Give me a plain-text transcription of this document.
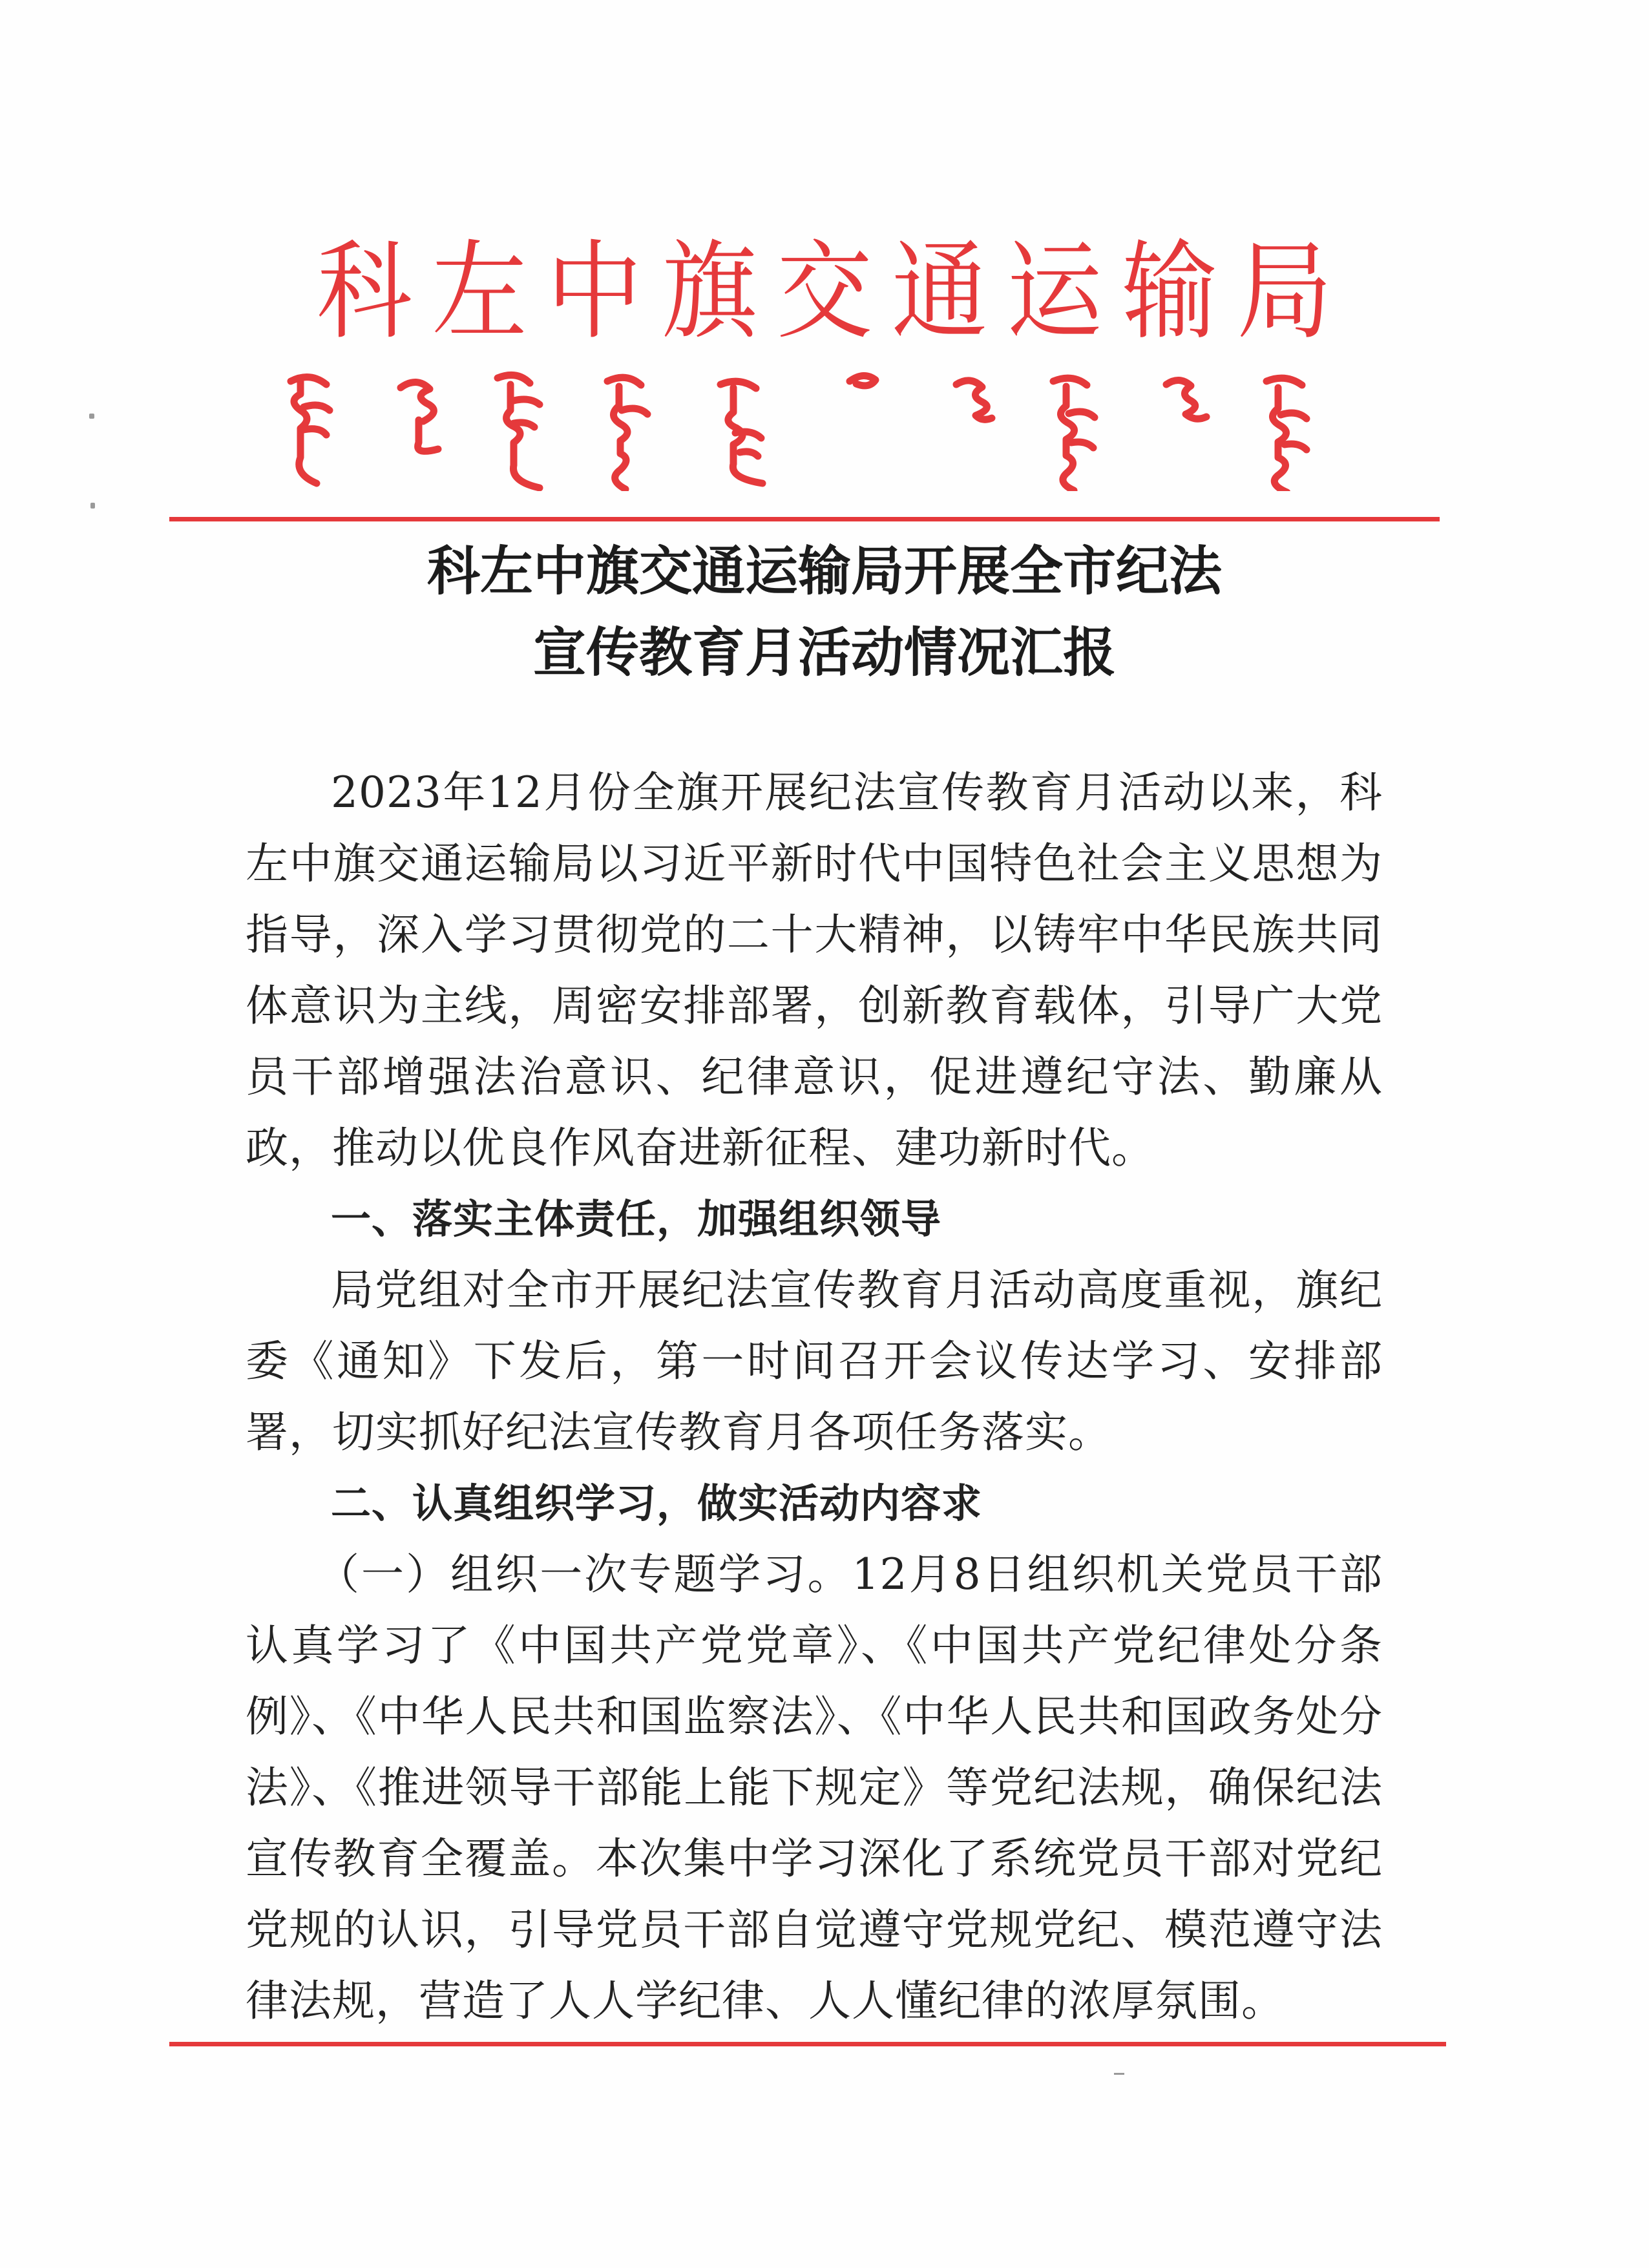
科左中旗交通运输局
科左中旗交通运输局开展全市纪法
宣传教育月活动情况汇报

2023年12月份全旗开展纪法宣传教育月活动以来，科左中旗交通运输局以习近平新时代中国特色社会主义思想为指导，深入学习贯彻党的二十大精神，以铸牢中华民族共同体意识为主线，周密安排部署，创新教育载体，引导广大党员干部增强法治意识、纪律意识，促进遵纪守法、勤廉从政，推动以优良作风奋进新征程、建功新时代。

一、落实主体责任，加强组织领导

局党组对全市开展纪法宣传教育月活动高度重视，旗纪委《通知》下发后，第一时间召开会议传达学习、安排部署，切实抓好纪法宣传教育月各项任务落实。

二、认真组织学习，做实活动内容求

（一）组织一次专题学习。12月8日组织机关党员干部认真学习了《中国共产党党章》、《中国共产党纪律处分条例》、《中华人民共和国监察法》、《中华人民共和国政务处分法》、《推进领导干部能上能下规定》等党纪法规，确保纪法宣传教育全覆盖。本次集中学习深化了系统党员干部对党纪党规的认识，引导党员干部自觉遵守党规党纪、模范遵守法律法规，营造了人人学纪律、人人懂纪律的浓厚氛围。
